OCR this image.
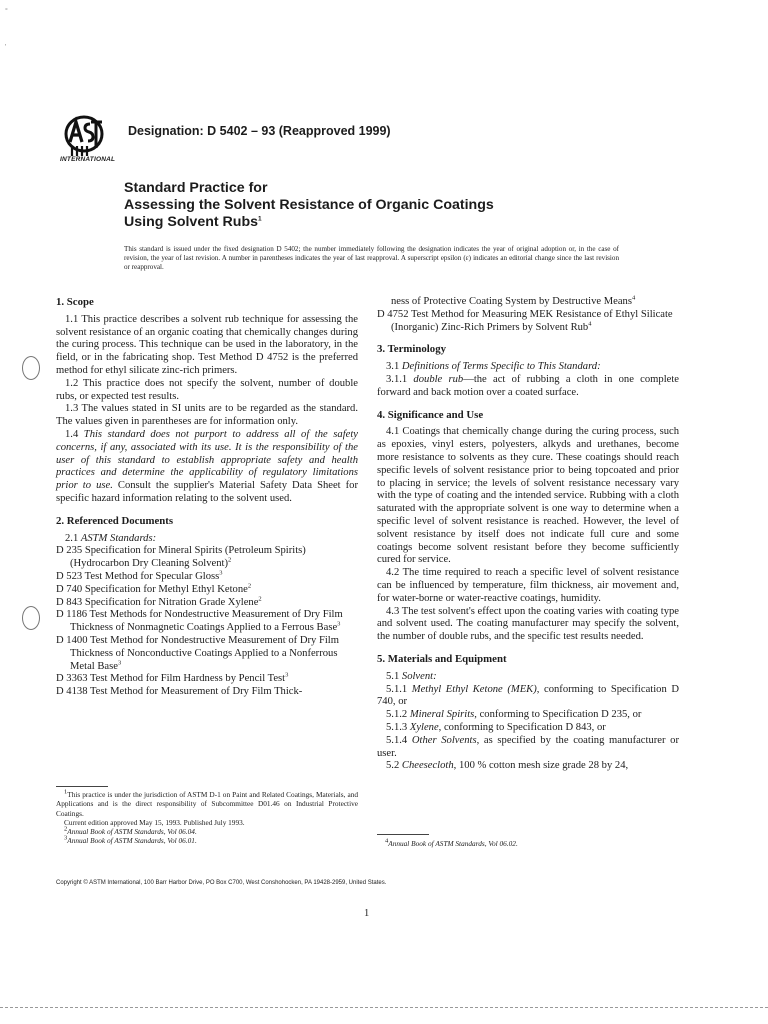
°
'
INTERNATIONAL
Designation: D 5402 – 93 (Reapproved 1999)
Standard Practice for
Assessing the Solvent Resistance of Organic Coatings
Using Solvent Rubs$^1$
This standard is issued under the fixed designation D 5402; the number immediately following the designation indicates the year of original adoption or, in the case of revision, the year of last revision. A number in parentheses indicates the year of last reapproval. A superscript epsilon (ε) indicates an editorial change since the last revision or reapproval.

1. Scope

1.1 This practice describes a solvent rub technique for assessing the solvent resistance of an organic coating that chemically changes during the curing process. This technique can be used in the laboratory, in the field, or in the fabricating shop. Test Method D 4752 is the preferred method for ethyl silicate zinc-rich primers.

1.2 This practice does not specify the solvent, number of double rubs, or expected test results.

1.3 The values stated in SI units are to be regarded as the standard. The values given in parentheses are for information only.

1.4 This standard does not purport to address all of the safety concerns, if any, associated with its use. It is the responsibility of the user of this standard to establish appropriate safety and health practices and determine the applicability of regulatory limitations prior to use. Consult the supplier's Material Safety Data Sheet for specific hazard information relating to the solvent used.

2. Referenced Documents

2.1 ASTM Standards:

D 235 Specification for Mineral Spirits (Petroleum Spirits) (Hydrocarbon Dry Cleaning Solvent)$^2$

D 523 Test Method for Specular Gloss$^3$

D 740 Specification for Methyl Ethyl Ketone$^2$

D 843 Specification for Nitration Grade Xylene$^2$

D 1186 Test Methods for Nondestructive Measurement of Dry Film Thickness of Nonmagnetic Coatings Applied to a Ferrous Base$^3$

D 1400 Test Method for Nondestructive Measurement of Dry Film Thickness of Nonconductive Coatings Applied to a Nonferrous Metal Base$^3$

D 3363 Test Method for Film Hardness by Pencil Test$^3$

D 4138 Test Method for Measurement of Dry Film Thick-

$^1$This practice is under the jurisdiction of ASTM D-1 on Paint and Related Coatings, Materials, and Applications and is the direct responsibility of Subcommittee D01.46 on Industrial Protective Coatings.

Current edition approved May 15, 1993. Published July 1993.

$^2$Annual Book of ASTM Standards, Vol 06.04.

$^3$Annual Book of ASTM Standards, Vol 06.01.

ness of Protective Coating System by Destructive Means$^4$

D 4752 Test Method for Measuring MEK Resistance of Ethyl Silicate (Inorganic) Zinc-Rich Primers by Solvent Rub$^4$

3. Terminology

3.1 Definitions of Terms Specific to This Standard:

3.1.1 double rub—the act of rubbing a cloth in one complete forward and back motion over a coated surface.

4. Significance and Use

4.1 Coatings that chemically change during the curing process, such as epoxies, vinyl esters, polyesters, alkyds and urethanes, become more resistance to solvents as they cure. These coatings should reach specific levels of solvent resistance prior to being topcoated and prior to placing in service; the levels of solvent resistance necessary vary with the type of coating and the intended service. Rubbing with a cloth saturated with the appropriate solvent is one way to determine when a specific level of solvent resistance is reached. However, the level of solvent resistance by itself does not indicate full cure and some coatings become solvent resistant before they become sufficiently cured for service.

4.2 The time required to reach a specific level of solvent resistance can be influenced by temperature, film thickness, air movement and, for water-borne or water-reactive coatings, humidity.

4.3 The test solvent's effect upon the coating varies with coating type and solvent used. The coating manufacturer may specify the solvent, the number of double rubs, and the specific test results needed.

5. Materials and Equipment

5.1 Solvent:

5.1.1 Methyl Ethyl Ketone (MEK), conforming to Specification D 740, or

5.1.2 Mineral Spirits, conforming to Specification D 235, or

5.1.3 Xylene, conforming to Specification D 843, or

5.1.4 Other Solvents, as specified by the coating manufacturer or user.

5.2 Cheesecloth, 100 % cotton mesh size grade 28 by 24,

$^4$Annual Book of ASTM Standards, Vol 06.02.

Copyright © ASTM International, 100 Barr Harbor Drive, PO Box C700, West Conshohocken, PA 19428-2959, United States.
1
